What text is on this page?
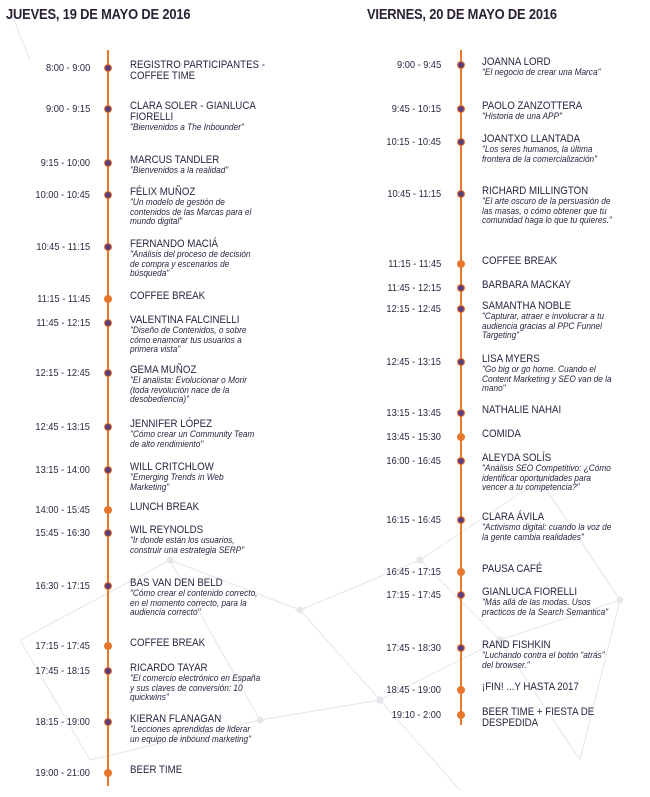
JUEVES, 19 DE MAYO DE 2016
8:00 - 9:00	REGISTRO PARTICIPANTES - COFFEE TIME
9:00 - 9:15	CLARA SOLER - GIANLUCA FIORELLI
"Bienvenidos a The Inbounder"
9:15 - 10:00	MARCUS TANDLER
"Bienvenidos a la realidad"
10:00 - 10:45	FÉLIX MUÑOZ
"Un modelo de gestión de contenidos de las Marcas para el mundo digital"
10:45 - 11:15	FERNANDO MACIÁ
"Análisis del proceso de decisión de compra y escenarios de búsqueda"
11:15 - 11:45	COFFEE BREAK
11:45 - 12:15	VALENTINA FALCINELLI
"Diseño de Contenidos, o sobre cómo enamorar tus usuarios a primera vista"
12:15 - 12:45	GEMA MUÑOZ
"El analista: Evolucionar o Morir (toda revolución nace de la desobediencia)"
12:45 - 13:15	JENNIFER LÓPEZ
"Cómo crear un Community Team de alto rendimiento"
13:15 - 14:00	WILL CRITCHLOW
"Emerging Trends in Web Marketing"
14:00 - 15:45	LUNCH BREAK
15:45 - 16:30	WIL REYNOLDS
"Ir donde están los usuarios, construir una estrategia SERP"
16:30 - 17:15	BAS VAN DEN BELD
"Cómo crear el contenido correcto, en el momento correcto, para la audiencia correcto"
17:15 - 17:45	COFFEE BREAK
17:45 - 18:15	RICARDO TAYAR
"El comercio electrónico en España y sus claves de conversión: 10 quickwins"
18:15 - 19:00	KIERAN FLANAGAN
"Lecciones aprendidas de liderar un equipo de inbound marketing"
19:00 - 21:00	BEER TIME
VIERNES, 20 DE MAYO DE 2016
9:00 - 9:45	JOANNA LORD
"El negocio de crear una Marca"
9:45 - 10:15	PAOLO ZANZOTTERA
"Historia de una APP"
10:15 - 10:45	JOANTXO LLANTADA
"Los seres humanos, la última frontera de la comercialización"
10:45 - 11:15	RICHARD MILLINGTON
"El arte oscuro de la persuasión de las masas, o cómo obtener que tu comunidad haga lo que tu quieres."
11:15 - 11:45	COFFEE BREAK
11:45 - 12:15	BARBARA MACKAY
12:15 - 12:45	SAMANTHA NOBLE
"Capturar, atraer e involucrar a tu audiencia gracias al PPC Funnel Targeting"
12:45 - 13:15	LISA MYERS
"Go big or go home. Cuando el Content Marketing y SEO van de la mano"
13:15 - 13:45	NATHALIE NAHAI
13:45 - 15:30	COMIDA
16:00 - 16:45	ALEYDA SOLÍS
"Análisis SEO Competitivo: ¿Cómo identificar oportunidades para vencer a tu competencia?"
16:15 - 16:45	CLARA ÁVILA
"Activismo digital: cuando la voz de la gente cambia realidades"
16:45 - 17:15	PAUSA CAFÉ
17:15 - 17:45	GIANLUCA FIORELLI
"Más allá de las modas. Usos practicos de la Search Semantica"
17:45 - 18:30	RAND FISHKIN
"Luchando contra el botón “atrás” del browser."
18:45 - 19:00	¡FIN! ...Y HASTA 2017
19:10 - 2:00	BEER TIME + FIESTA DE DESPEDIDA
